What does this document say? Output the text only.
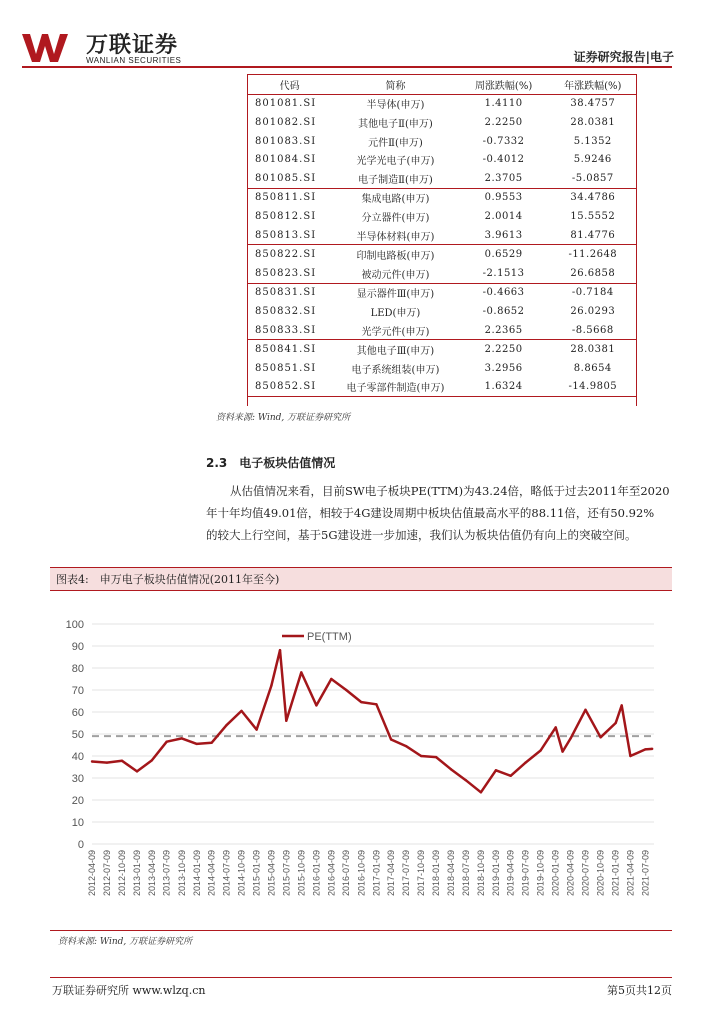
万联证券
WANLIAN SECURITIES	证券研究报告|电子
代码	简称	周涨跌幅(%)	年涨跌幅(%)
801081.SI	半导体(申万)	1.4110	38.4757
801082.SI	其他电子Ⅱ(申万)	2.2250	28.0381
801083.SI	元件Ⅱ(申万)	-0.7332	5.1352
801084.SI	光学光电子(申万)	-0.4012	5.9246
801085.SI	电子制造Ⅱ(申万)	2.3705	-5.0857
850811.SI	集成电路(申万)	0.9553	34.4786
850812.SI	分立器件(申万)	2.0014	15.5552
850813.SI	半导体材料(申万)	3.9613	81.4776
850822.SI	印制电路板(申万)	0.6529	-11.2648
850823.SI	被动元件(申万)	-2.1513	26.6858
850831.SI	显示器件Ⅲ(申万)	-0.4663	-0.7184
850832.SI	LED(申万)	-0.8652	26.0293
850833.SI	光学元件(申万)	2.2365	-8.5668
850841.SI	其他电子Ⅲ(申万)	2.2250	28.0381
850851.SI	电子系统组装(申万)	3.2956	8.8654
850852.SI	电子零部件制造(申万)	1.6324	-14.9805
资料来源: Wind, 万联证券研究所
2.3　电子板块估值情况
从估值情况来看，目前SW电子板块PE(TTM)为43.24倍，略低于过去2011年至2020
年十年均值49.01倍，相较于4G建设周期中板块估值最高水平的88.11倍，还有50.92%
的较大上行空间，基于5G建设进一步加速，我们认为板块估值仍有向上的突破空间。
图表4:　申万电子板块估值情况(2011年至今)
0
10
20
30
40
50
60
70
80
90
100
2012-04-09 2012-07-09 2012-10-09 2013-01-09 2013-04-09 2013-07-09 2013-10-09 2014-01-09 2014-04-09 2014-07-09 2014-10-09 2015-01-09 2015-04-09 2015-07-09 2015-10-09 2016-01-09 2016-04-09 2016-07-09 2016-10-09 2017-01-09 2017-04-09 2017-07-09 2017-10-09 2018-01-09 2018-04-09 2018-07-09 2018-10-09 2019-01-09 2019-04-09 2019-07-09 2019-10-09 2020-01-09 2020-04-09 2020-07-09 2020-10-09 2021-01-09 2021-04-09 2021-07-09
PE(TTM)
资料来源: Wind, 万联证券研究所
万联证券研究所 www.wlzq.cn	第5页共12页
